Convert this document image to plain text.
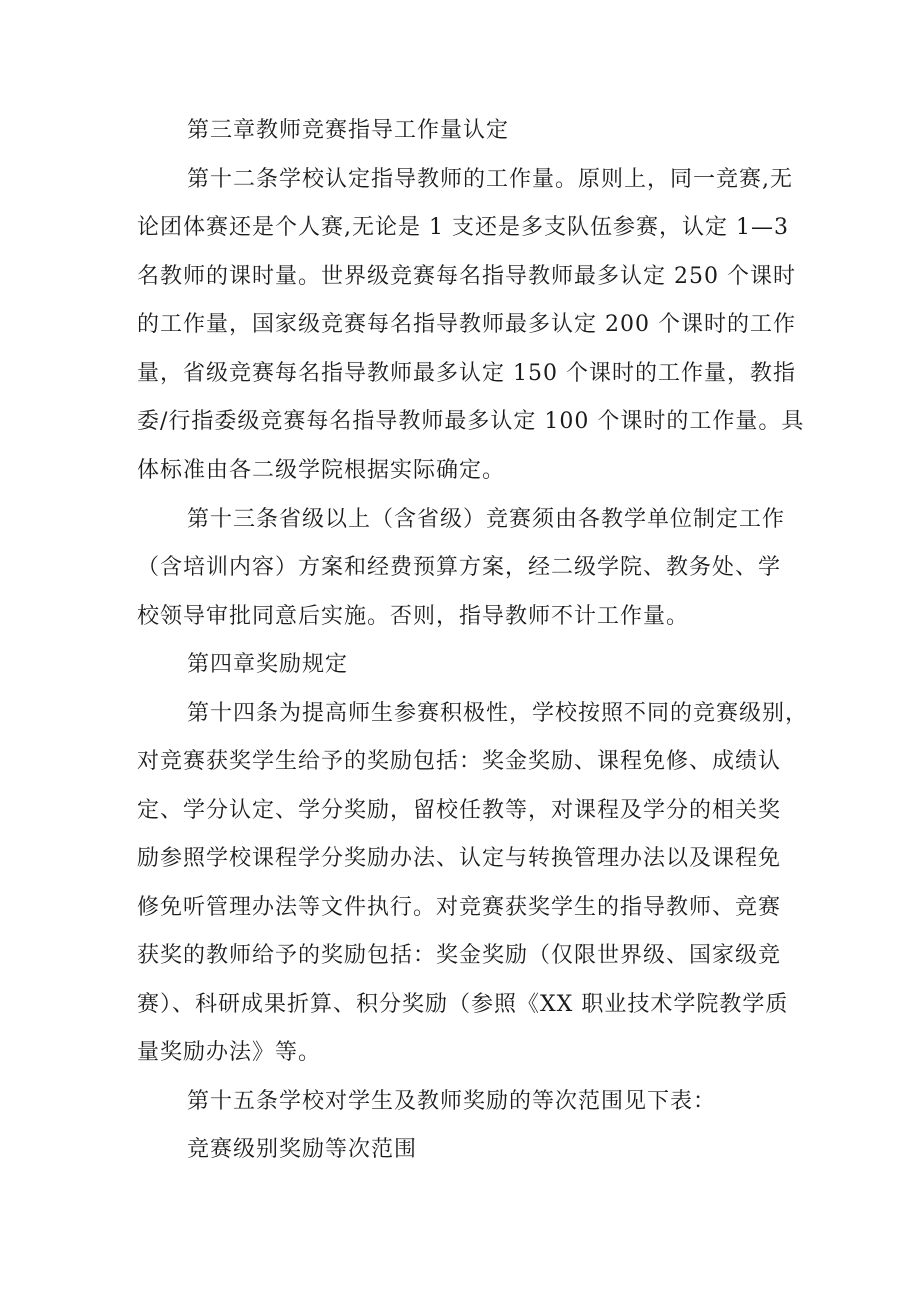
第三章教师竞赛指导工作量认定
第十二条学校认定指导教师的工作量。原则上，同一竞赛,无
论团体赛还是个人赛,无论是 1 支还是多支队伍参赛，认定 1—3
名教师的课时量。世界级竞赛每名指导教师最多认定 250 个课时
的工作量，国家级竞赛每名指导教师最多认定 200 个课时的工作
量，省级竞赛每名指导教师最多认定 150 个课时的工作量，教指
委/行指委级竞赛每名指导教师最多认定 100 个课时的工作量。具
体标准由各二级学院根据实际确定。
第十三条省级以上（含省级）竞赛须由各教学单位制定工作
（含培训内容）方案和经费预算方案，经二级学院、教务处、学
校领导审批同意后实施。否则，指导教师不计工作量。
第四章奖励规定
第十四条为提高师生参赛积极性，学校按照不同的竞赛级别，
对竞赛获奖学生给予的奖励包括：奖金奖励、课程免修、成绩认
定、学分认定、学分奖励，留校任教等，对课程及学分的相关奖
励参照学校课程学分奖励办法、认定与转换管理办法以及课程免
修免听管理办法等文件执行。对竞赛获奖学生的指导教师、竞赛
获奖的教师给予的奖励包括：奖金奖励（仅限世界级、国家级竞
赛）、科研成果折算、积分奖励（参照《XX 职业技术学院教学质
量奖励办法》等。
第十五条学校对学生及教师奖励的等次范围见下表：
竞赛级别奖励等次范围
